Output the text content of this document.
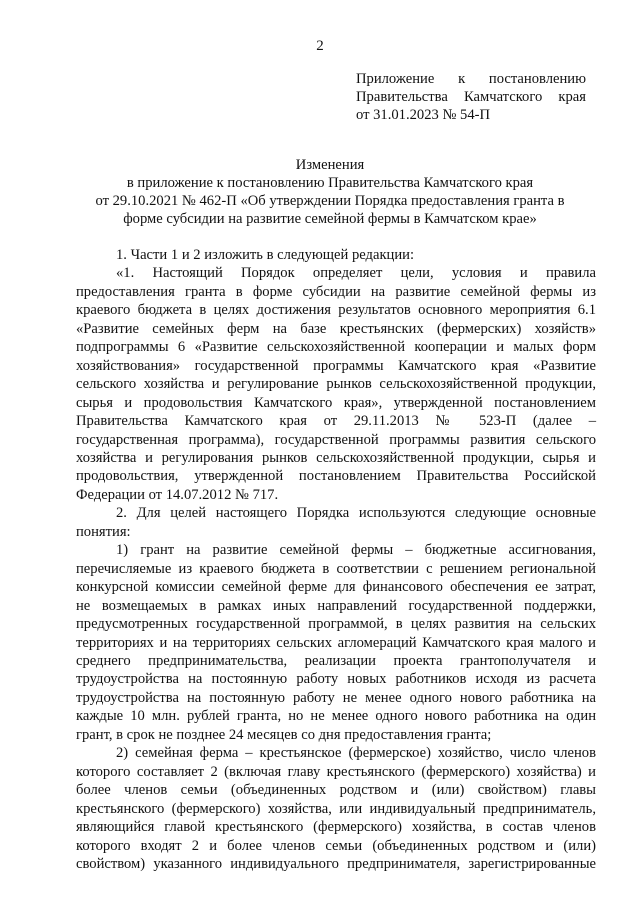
2
Приложение к постановлению
Правительства Камчатского края
от 31.01.2023 № 54-П
Изменения
в приложение к постановлению Правительства Камчатского края
от 29.10.2021 № 462-П «Об утверждении Порядка предоставления гранта в
форме субсидии на развитие семейной фермы в Камчатском крае»
1. Части 1 и 2 изложить в следующей редакции:
«1. Настоящий Порядок определяет цели, условия и правила
предоставления гранта в форме субсидии на развитие семейной фермы из
краевого бюджета в целях достижения результатов основного мероприятия 6.1
«Развитие семейных ферм на базе крестьянских (фермерских) хозяйств»
подпрограммы 6 «Развитие сельскохозяйственной кооперации и малых форм
хозяйствования» государственной программы Камчатского края «Развитие
сельского хозяйства и регулирование рынков сельскохозяйственной продукции,
сырья и продовольствия Камчатского края», утвержденной постановлением
Правительства Камчатского края от 29.11.2013 № 523-П (далее –
государственная программа), государственной программы развития сельского
хозяйства и регулирования рынков сельскохозяйственной продукции, сырья и
продовольствия, утвержденной постановлением Правительства Российской
Федерации от 14.07.2012 № 717.
2. Для целей настоящего Порядка используются следующие основные
понятия:
1) грант на развитие семейной фермы – бюджетные ассигнования,
перечисляемые из краевого бюджета в соответствии с решением региональной
конкурсной комиссии семейной ферме для финансового обеспечения ее затрат,
не возмещаемых в рамках иных направлений государственной поддержки,
предусмотренных государственной программой, в целях развития на сельских
территориях и на территориях сельских агломераций Камчатского края малого и
среднего предпринимательства, реализации проекта грантополучателя и
трудоустройства на постоянную работу новых работников исходя из расчета
трудоустройства на постоянную работу не менее одного нового работника на
каждые 10 млн. рублей гранта, но не менее одного нового работника на один
грант, в срок не позднее 24 месяцев со дня предоставления гранта;
2) семейная ферма – крестьянское (фермерское) хозяйство, число членов
которого составляет 2 (включая главу крестьянского (фермерского) хозяйства) и
более членов семьи (объединенных родством и (или) свойством) главы
крестьянского (фермерского) хозяйства, или индивидуальный предприниматель,
являющийся главой крестьянского (фермерского) хозяйства, в состав членов
которого входят 2 и более членов семьи (объединенных родством и (или)
свойством) указанного индивидуального предпринимателя, зарегистрированные
